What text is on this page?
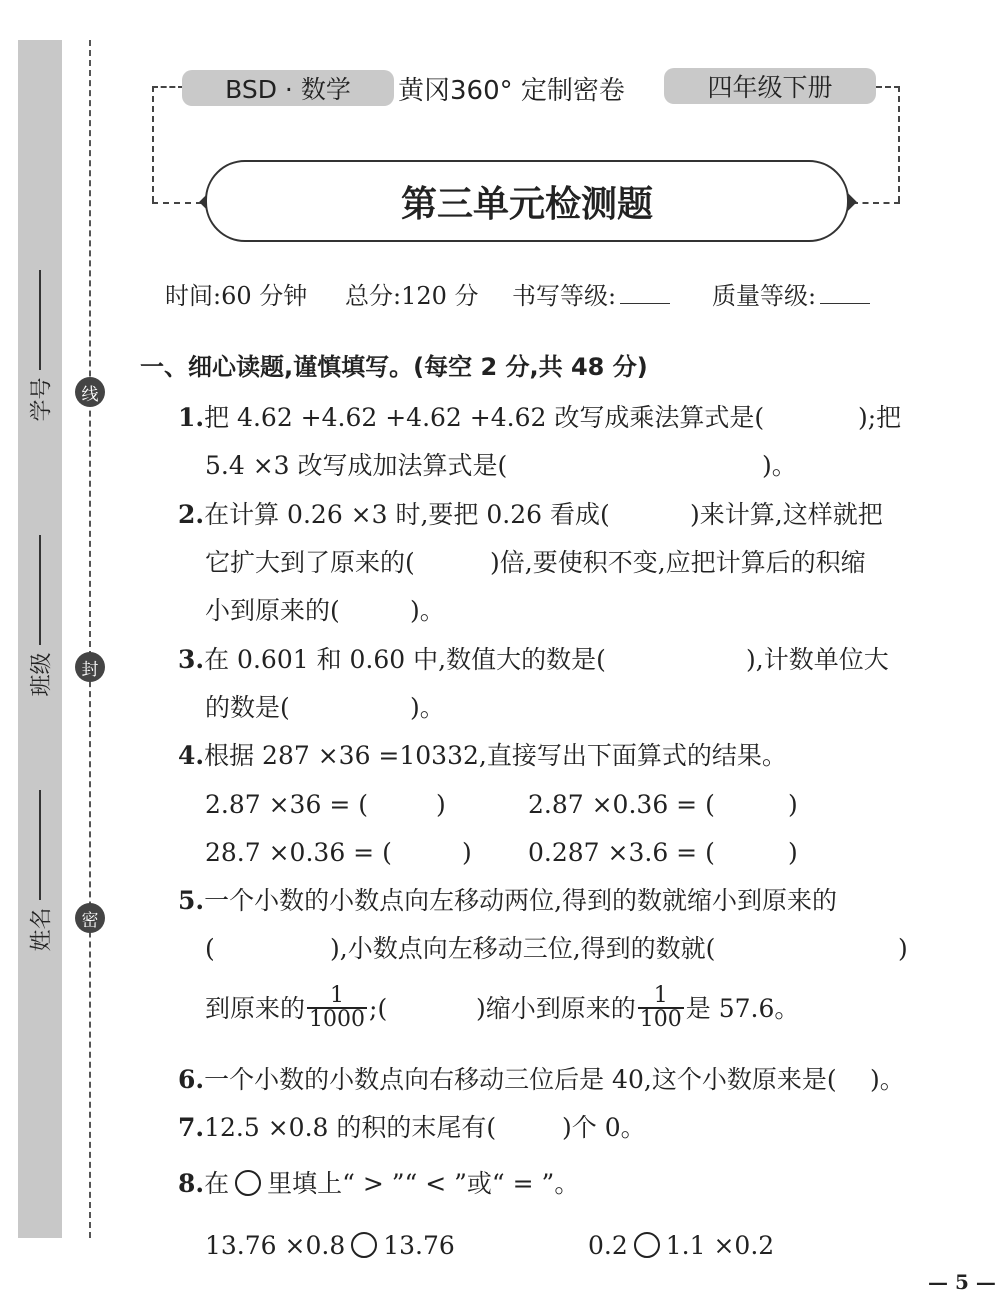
线
封
密
学号
班级
姓名
BSD · 数学	黄冈360° 定制密卷	四年级下册
第三单元检测题
时间:60 分钟 总分:120 分 书写等级:	质量等级:
一、细心读题,谨慎填写。(每空 2 分,共 48 分)
1.把 4.62 +4.62 +4.62 +4.62 改写成乘法算式是(	);把
5.4 ×3 改写成加法算式是(	)。
2.在计算 0.26 ×3 时,要把 0.26 看成(	)来计算,这样就把
它扩大到了原来的(	)倍,要使积不变,应把计算后的积缩
小到原来的(	)。
3.在 0.601 和 0.60 中,数值大的数是(	),计数单位大
的数是(	)。
4.根据 287 ×36 =10332,直接写出下面算式的结果。
2.87 ×36 = (	)	2.87 ×0.36 = (	)
28.7 ×0.36 = (	) 0.287 ×3.6 = (	)
5.一个小数的小数点向左移动两位,得到的数就缩小到原来的
(	),小数点向左移动三位,得到的数就(	)
到原来的 $\frac{1}{1000}$ ;(	)缩小到原来的 $\frac{1}{100}$ 是 57.6。
6.一个小数的小数点向右移动三位后是 40,这个小数原来是( )。
7.12.5 ×0.8 的积的末尾有(	)个 0。
8. 在 里填上“ > ”“ < ”或“ = ”。
13.76 ×0.8 13.76	0.2 1.1 ×0.2
— 5 —
